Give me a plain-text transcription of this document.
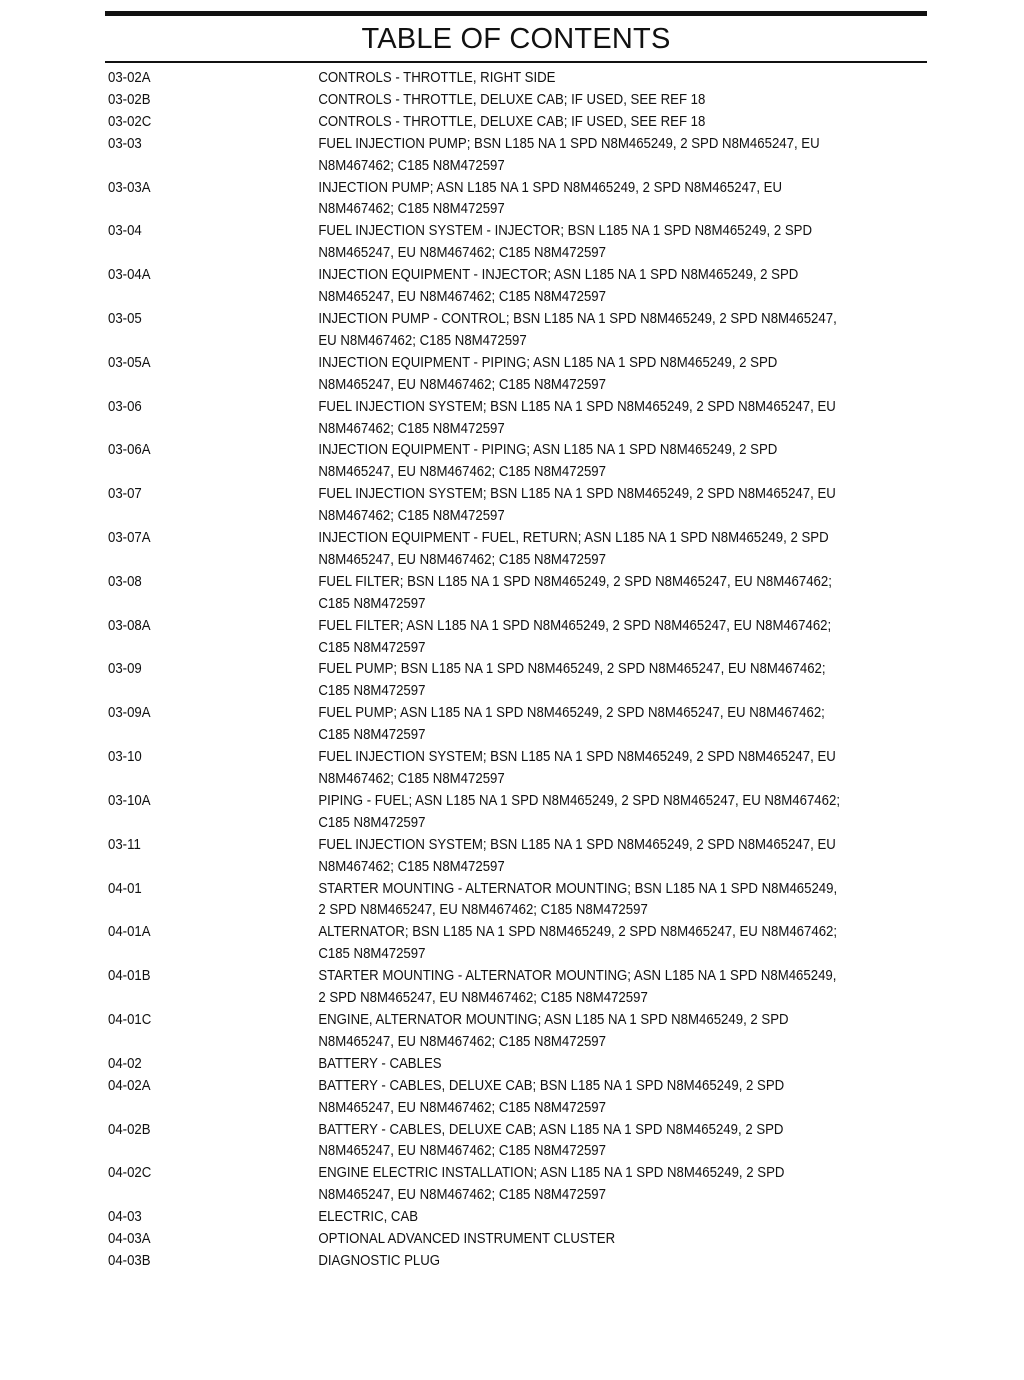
TABLE OF CONTENTS
03-02A	CONTROLS - THROTTLE, RIGHT SIDE
03-02B	CONTROLS - THROTTLE, DELUXE CAB; IF USED, SEE REF 18
03-02C	CONTROLS - THROTTLE, DELUXE CAB; IF USED, SEE REF 18
03-03	FUEL INJECTION PUMP; BSN L185 NA 1 SPD N8M465249, 2 SPD N8M465247, EU
N8M467462; C185 N8M472597
03-03A	INJECTION PUMP; ASN L185 NA 1 SPD N8M465249, 2 SPD N8M465247, EU
N8M467462; C185 N8M472597
03-04	FUEL INJECTION SYSTEM - INJECTOR; BSN L185 NA 1 SPD N8M465249, 2 SPD
N8M465247, EU N8M467462; C185 N8M472597
03-04A	INJECTION EQUIPMENT - INJECTOR; ASN L185 NA 1 SPD N8M465249, 2 SPD
N8M465247, EU N8M467462; C185 N8M472597
03-05	INJECTION PUMP - CONTROL; BSN L185 NA 1 SPD N8M465249, 2 SPD N8M465247,
EU N8M467462; C185 N8M472597
03-05A	INJECTION EQUIPMENT - PIPING; ASN L185 NA 1 SPD N8M465249, 2 SPD
N8M465247, EU N8M467462; C185 N8M472597
03-06	FUEL INJECTION SYSTEM; BSN L185 NA 1 SPD N8M465249, 2 SPD N8M465247, EU
N8M467462; C185 N8M472597
03-06A	INJECTION EQUIPMENT - PIPING; ASN L185 NA 1 SPD N8M465249, 2 SPD
N8M465247, EU N8M467462; C185 N8M472597
03-07	FUEL INJECTION SYSTEM; BSN L185 NA 1 SPD N8M465249, 2 SPD N8M465247, EU
N8M467462; C185 N8M472597
03-07A	INJECTION EQUIPMENT - FUEL, RETURN; ASN L185 NA 1 SPD N8M465249, 2 SPD
N8M465247, EU N8M467462; C185 N8M472597
03-08	FUEL FILTER; BSN L185 NA 1 SPD N8M465249, 2 SPD N8M465247, EU N8M467462;
C185 N8M472597
03-08A	FUEL FILTER; ASN L185 NA 1 SPD N8M465249, 2 SPD N8M465247, EU N8M467462;
C185 N8M472597
03-09	FUEL PUMP; BSN L185 NA 1 SPD N8M465249, 2 SPD N8M465247, EU N8M467462;
C185 N8M472597
03-09A	FUEL PUMP; ASN L185 NA 1 SPD N8M465249, 2 SPD N8M465247, EU N8M467462;
C185 N8M472597
03-10	FUEL INJECTION SYSTEM; BSN L185 NA 1 SPD N8M465249, 2 SPD N8M465247, EU
N8M467462; C185 N8M472597
03-10A	PIPING - FUEL; ASN L185 NA 1 SPD N8M465249, 2 SPD N8M465247, EU N8M467462;
C185 N8M472597
03-11	FUEL INJECTION SYSTEM; BSN L185 NA 1 SPD N8M465249, 2 SPD N8M465247, EU
N8M467462; C185 N8M472597
04-01	STARTER MOUNTING - ALTERNATOR MOUNTING; BSN L185 NA 1 SPD N8M465249,
2 SPD N8M465247, EU N8M467462; C185 N8M472597
04-01A	ALTERNATOR; BSN L185 NA 1 SPD N8M465249, 2 SPD N8M465247, EU N8M467462;
C185 N8M472597
04-01B	STARTER MOUNTING - ALTERNATOR MOUNTING; ASN L185 NA 1 SPD N8M465249,
2 SPD N8M465247, EU N8M467462; C185 N8M472597
04-01C	ENGINE, ALTERNATOR MOUNTING; ASN L185 NA 1 SPD N8M465249, 2 SPD
N8M465247, EU N8M467462; C185 N8M472597
04-02	BATTERY - CABLES
04-02A	BATTERY - CABLES, DELUXE CAB; BSN L185 NA 1 SPD N8M465249, 2 SPD
N8M465247, EU N8M467462; C185 N8M472597
04-02B	BATTERY - CABLES, DELUXE CAB; ASN L185 NA 1 SPD N8M465249, 2 SPD
N8M465247, EU N8M467462; C185 N8M472597
04-02C	ENGINE ELECTRIC INSTALLATION; ASN L185 NA 1 SPD N8M465249, 2 SPD
N8M465247, EU N8M467462; C185 N8M472597
04-03	ELECTRIC, CAB
04-03A	OPTIONAL ADVANCED INSTRUMENT CLUSTER
04-03B	DIAGNOSTIC PLUG
